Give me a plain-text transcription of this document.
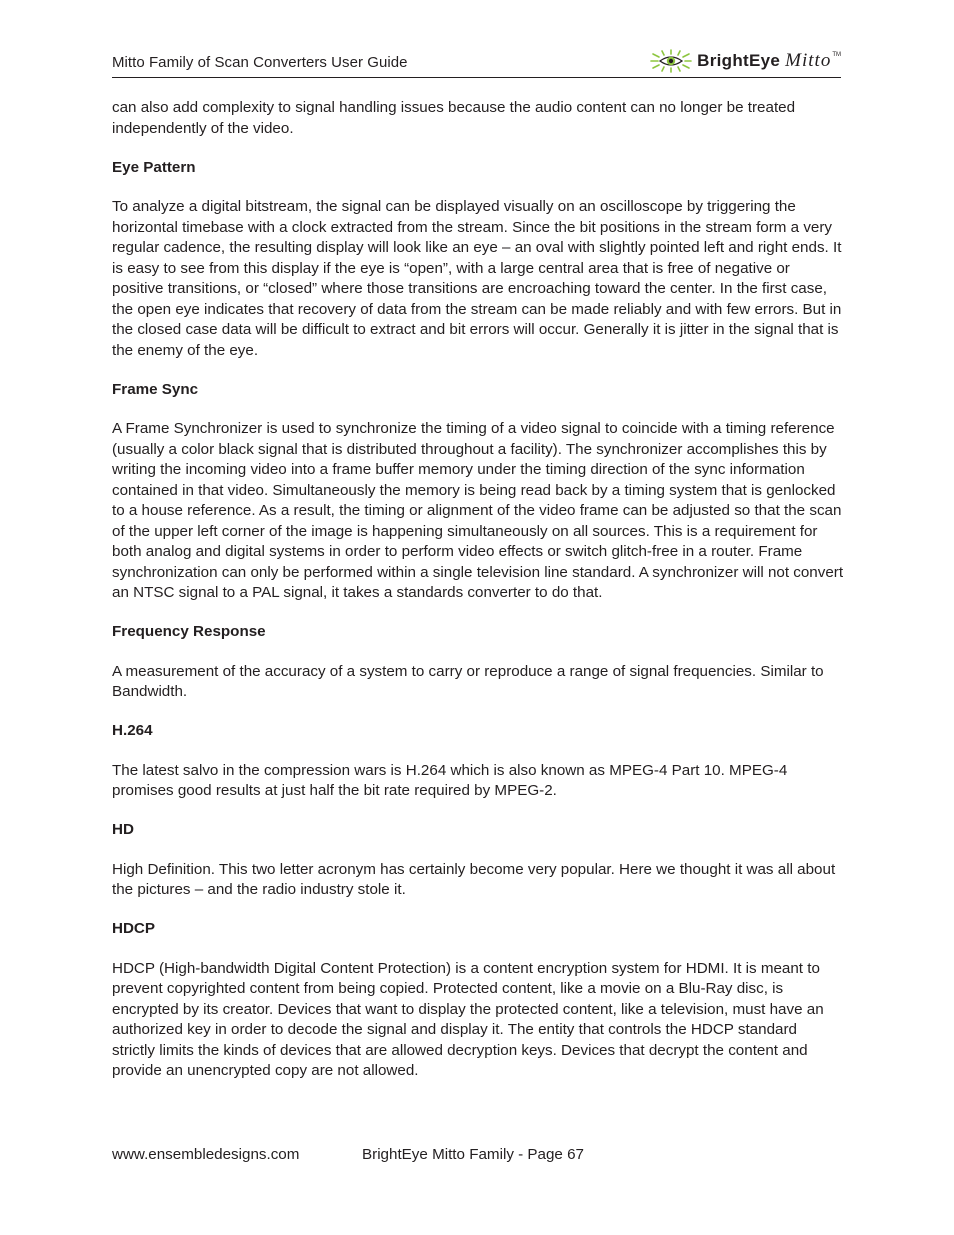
Mitto Family of Scan Converters User Guide	BrightEye Mitto TM

can also add complexity to signal handling issues because the audio content can no longer be treated independently of the video.

Eye Pattern

To analyze a digital bitstream, the signal can be displayed visually on an oscilloscope by triggering the horizontal timebase with a clock extracted from the stream. Since the bit positions in the stream form a very regular cadence, the resulting display will look like an eye – an oval with slightly pointed left and right ends. It is easy to see from this display if the eye is “open”, with a large central area that is free of negative or positive transitions, or “closed” where those transitions are encroaching toward the center. In the first case, the open eye indicates that recovery of data from the stream can be made reliably and with few errors. But in the closed case data will be difficult to extract and bit errors will occur. Generally it is jitter in the signal that is the enemy of the eye.

Frame Sync

A Frame Synchronizer is used to synchronize the timing of a video signal to coincide with a timing reference (usually a color black signal that is distributed throughout a facility). The synchronizer accomplishes this by writing the incoming video into a frame buffer memory under the timing direction of the sync information contained in that video. Simultaneously the memory is being read back by a timing system that is genlocked to a house reference. As a result, the timing or alignment of the video frame can be adjusted so that the scan of the upper left corner of the image is happening simultaneously on all sources. This is a requirement for both analog and digital systems in order to perform video effects or switch glitch-free in a router. Frame synchronization can only be performed within a single television line standard. A synchronizer will not convert an NTSC signal to a PAL signal, it takes a standards converter to do that.

Frequency Response

A measurement of the accuracy of a system to carry or reproduce a range of signal frequencies. Similar to Bandwidth.

H.264

The latest salvo in the compression wars is H.264 which is also known as MPEG-4 Part 10. MPEG-4 promises good results at just half the bit rate required by MPEG-2.

HD

High Definition. This two letter acronym has certainly become very popular. Here we thought it was all about the pictures – and the radio industry stole it.

HDCP

HDCP (High-bandwidth Digital Content Protection) is a content encryption system for HDMI. It is meant to prevent copyrighted content from being copied. Protected content, like a movie on a Blu-Ray disc, is encrypted by its creator. Devices that want to display the protected content, like a television, must have an authorized key in order to decode the signal and display it. The entity that controls the HDCP standard strictly limits the kinds of devices that are allowed decryption keys. Devices that decrypt the content and provide an unencrypted copy are not allowed.

www.ensembledesigns.com	BrightEye Mitto Family - Page 67
